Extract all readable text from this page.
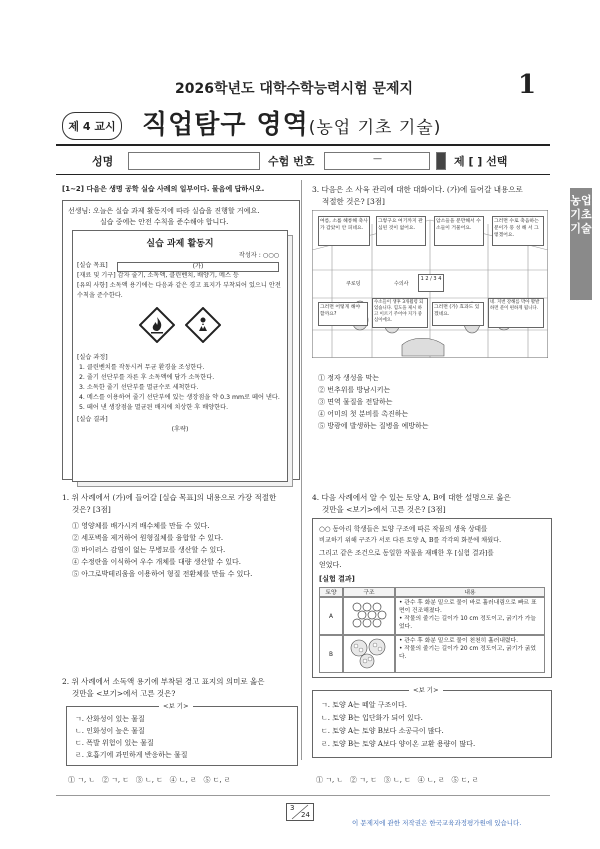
2026학년도 대학수학능력시험 문제지	1
제 4 교시 직업탐구 영역(농업 기초 기술)
성명	수험 번호	—	제 [ ] 선택
농업 기초 기술
[1~2] 다음은 생명 공학 실습 사례의 일부이다. 물음에 답하시오.
선생님: 오늘은 실습 과제 활동지에 따라 실습을 진행할 거예요.
실습 중에는 안전 수칙을 준수해야 합니다.
실습 과제 활동지
작성자 : ○○○
[실습 목표]	(가)
[재료 및 기구] 감자 줄기, 소독액, 클린벤치, 배양기, 메스 등
[유의 사항] 소독액 용기에는 다음과 같은 경고 표지가 부착되어 있으니 안전 수칙을 준수한다.
[실습 과정]
1. 클린벤치를 작동시켜 무균 환경을 조성한다.
2. 줄기 선단부를 자른 후 소독액에 담가 소독한다.
3. 소독한 줄기 선단부를 멸균수로 세척한다.
4. 메스를 이용하여 줄기 선단부에 있는 생장점을 약 0.3 mm로 떼어 낸다.
5. 떼어 낸 생장점을 멸균된 배지에 치상한 후 배양한다.
[실습 결과]
(후략)
1. 위 사례에서 (가)에 들어갈 [실습 목표]의 내용으로 가장 적절한
것은? [3점]
① 영양체를 배가시켜 배수체를 만들 수 있다.
② 세포벽을 제거하여 원형질체를 융합할 수 있다.
③ 바이러스 감염이 없는 무병묘를 생산할 수 있다.
④ 수정란을 이식하여 우수 개체를 대량 생산할 수 있다.
⑤ 아그로박테리움을 이용하여 형질 전환체를 만들 수 있다.
2. 위 사례에서 소독액 용기에 부착된 경고 표지의 의미로 옳은
것만을 <보기>에서 고른 것은?
<보 기>
ㄱ. 산화성이 있는 물질
ㄴ. 인화성이 높은 물질
ㄷ. 폭발 위험이 있는 물질
ㄹ. 호흡기에 과민하게 반응하는 물질
① ㄱ, ㄴ   ② ㄱ, ㄷ   ③ ㄴ, ㄷ   ④ ㄴ, ㄹ   ⑤ ㄷ, ㄹ
3. 다음은 소 사육 관리에 대한 대화이다. (가)에 들어갈 내용으로
적절한 것은? [3점]
여름, 소를 헤롱해 축사가 갑았이 안 피네요.
그렇구요 여기까지 관심된 것이 없어요.
암소들을 분만해서 수소들이 거물어요.
그러면 수로 축음하는 분이가 풍 성 해 서 그렇겠어요.
쿠로덩	수의사
1 2 / 3 4
그러면 어떻게 해야 할까요?
수소들이 생후 3개월령 되었습니다. 힘도을 제시 하고 이르기 주어야 지가 중심이에요.
그러면 (가) 효과도 있겠네요.
네. 지번 강해를 막아 활발하면 분이 편하게 됩니다.
① 정자 생성을 막는
② 번추위를 방남시키는
③ 면역 물질을 전달하는
④ 어미의 첫 분비를 촉진하는
⑤ 방광에 발생하는 질병을 예방하는
4. 다음 사례에서 알 수 있는 토양 A, B에 대한 설명으로 옳은
것만을 <보기>에서 고른 것은? [3점]
○○ 동아리 학생들은 토양 구조에 따른 작물의 생육 상태를
비교하기 위해 구조가 서로 다른 토양 A, B를 각각의 화분에 채웠다.
그리고 같은 조건으로 동일한 작물을 재배한 후 [실험 결과]를
얻었다.
[실험 결과]
토양	구조	내용
A
• 관수 후 화분 밑으로 물이 바로 흘러내림으로 빠르 표면이 건조해졌다.
• 작물의 줄기는 길이가 10 cm 정도이고, 굵기가 가늘었다.
B
• 관수 후 화분 밑으로 물이 천천히 흘러내렸다.
• 작물의 줄기는 길이가 20 cm 정도이고, 굵기가 굵었다.
<보 기>
ㄱ. 토양 A는 떼알 구조이다.
ㄴ. 토양 B는 입단화가 되어 있다.
ㄷ. 토양 A는 토양 B보다 소공극이 많다.
ㄹ. 토양 B는 토양 A보다 양이온 교환 용량이 많다.
① ㄱ, ㄴ   ② ㄱ, ㄷ   ③ ㄴ, ㄷ   ④ ㄴ, ㄹ   ⑤ ㄷ, ㄹ
3
24
이 문제지에 관한 저작권은 한국교육과정평가원에 있습니다.
